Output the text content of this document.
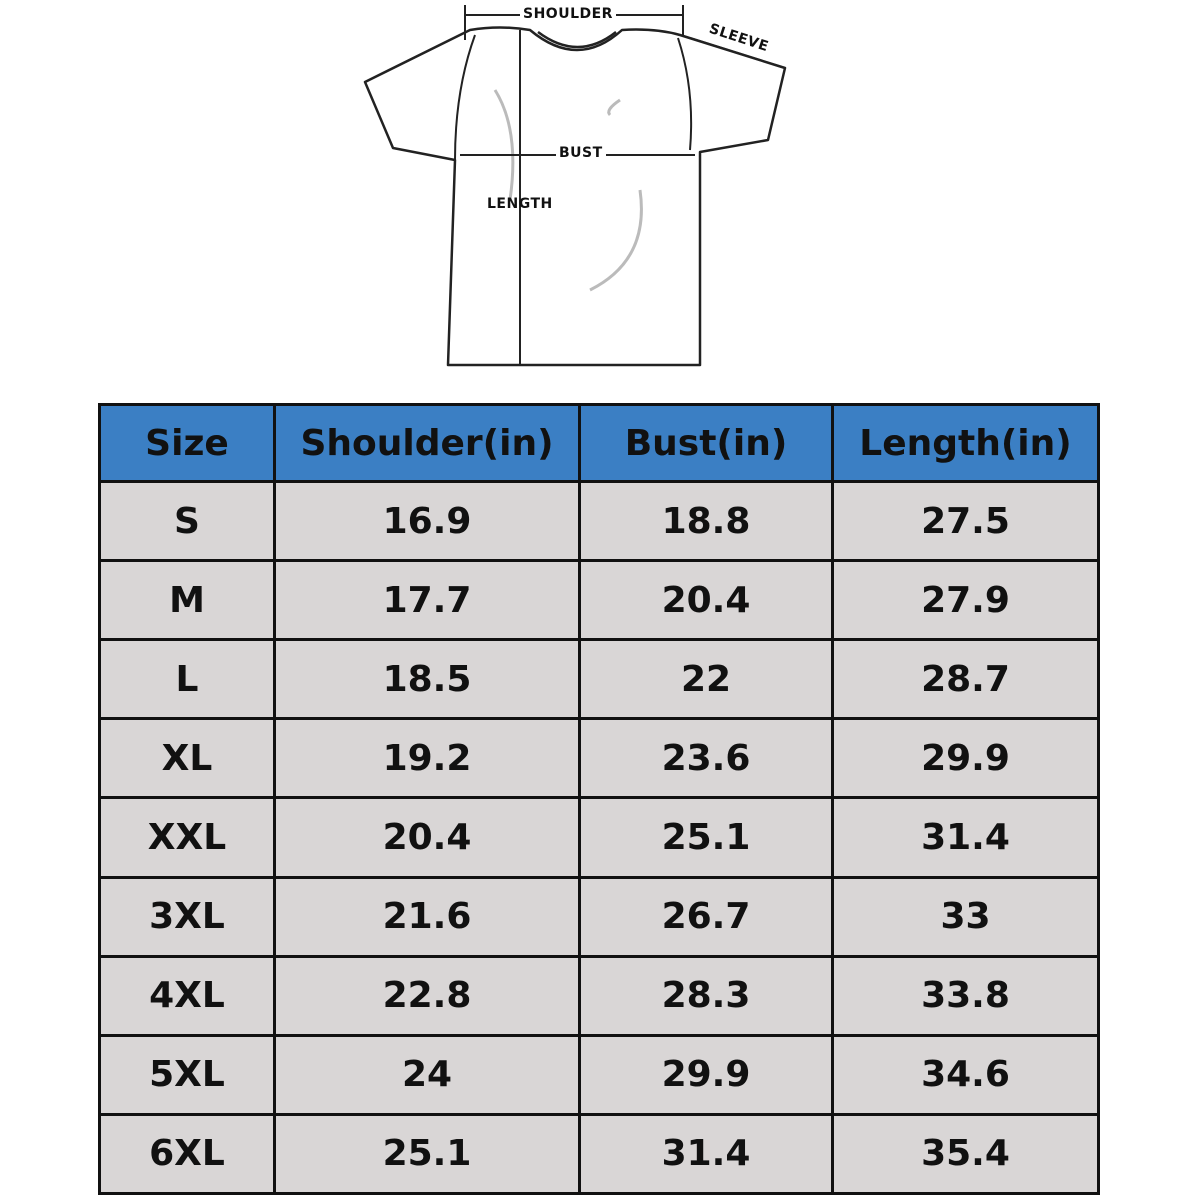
SHOULDER
SLEEVE
BUST
LENGTH
Size	Shoulder(in)	Bust(in)	Length(in)
S	16.9	18.8	27.5
M	17.7	20.4	27.9
L	18.5	22	28.7
XL	19.2	23.6	29.9
XXL	20.4	25.1	31.4
3XL	21.6	26.7	33
4XL	22.8	28.3	33.8
5XL	24	29.9	34.6
6XL	25.1	31.4	35.4
